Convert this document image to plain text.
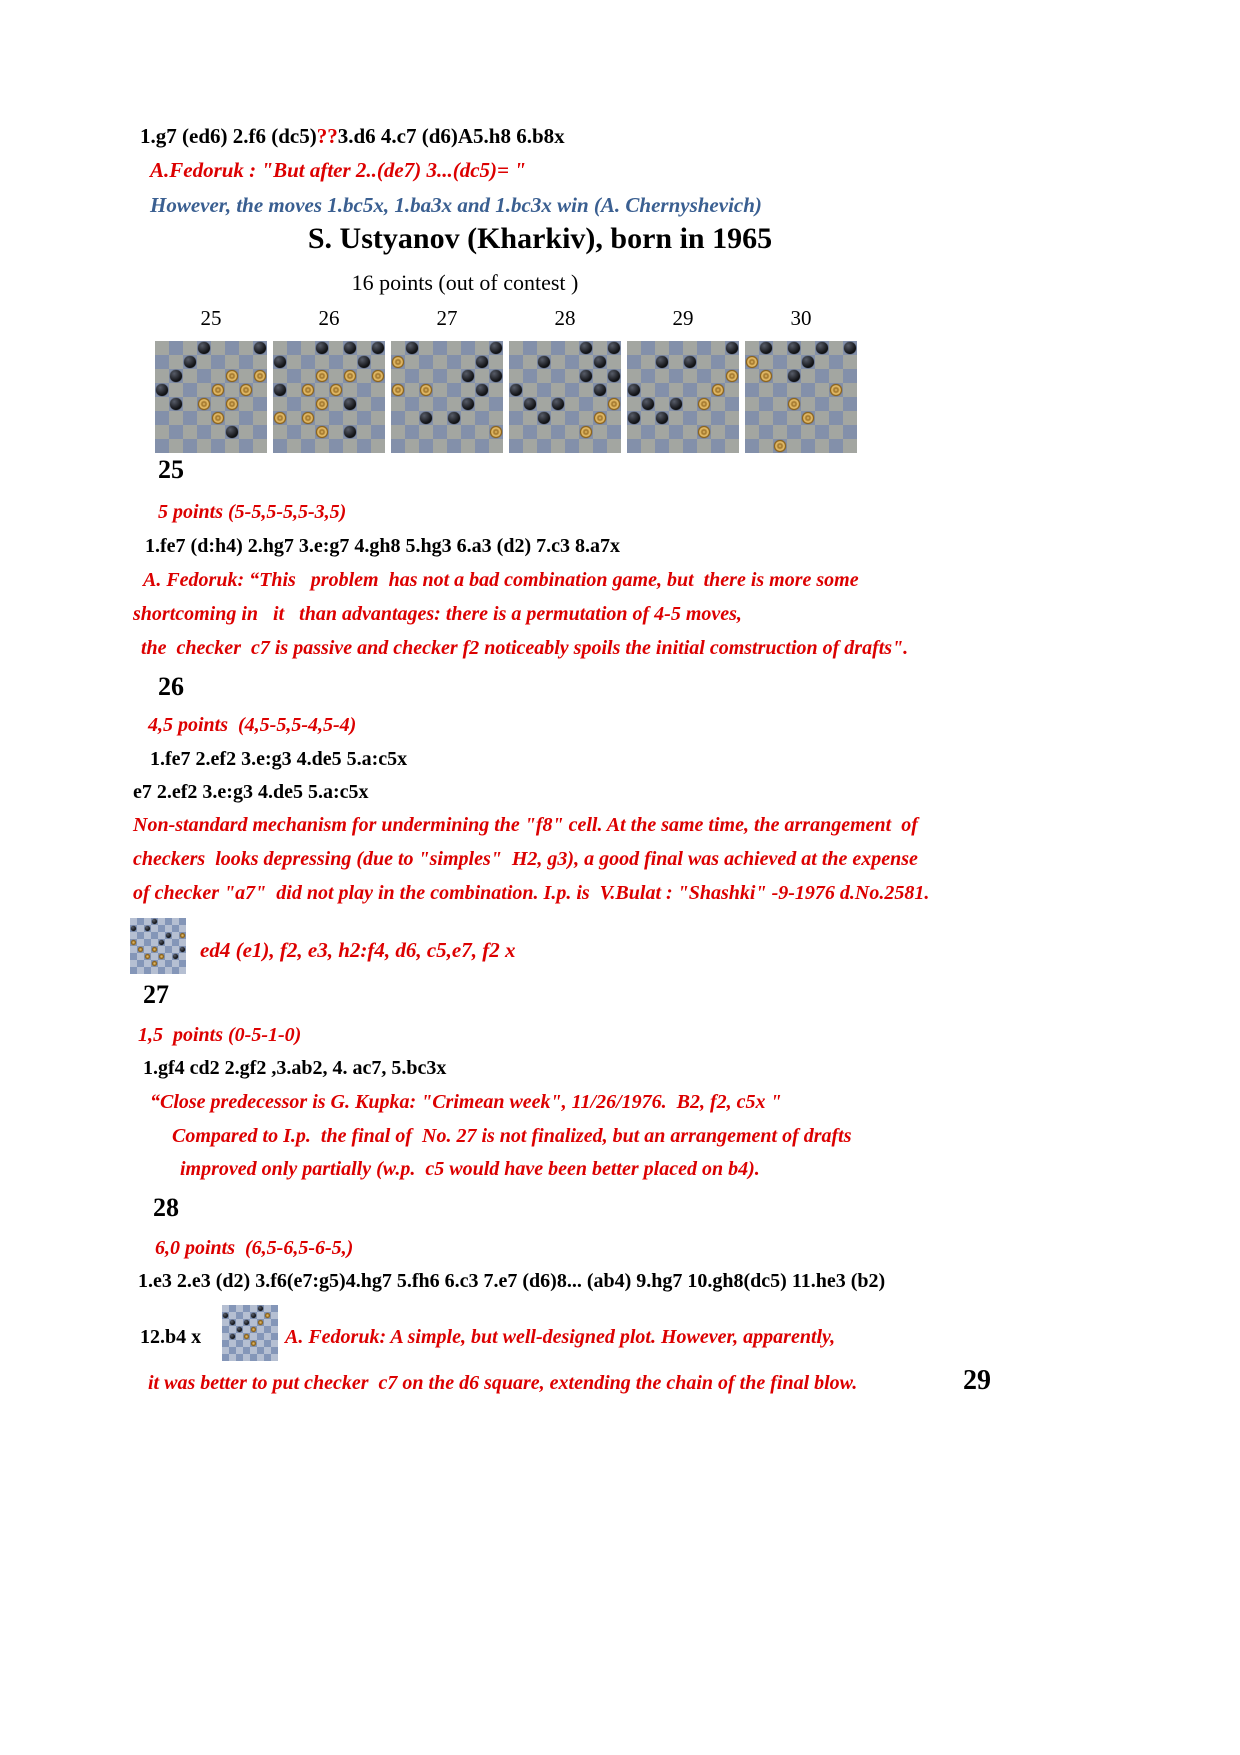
1.g7 (ed6) 2.f6 (dc5)??3.d6 4.c7 (d6)A5.h8 6.b8x
A.Fedoruk : "But after 2..(de7) 3...(dc5)= "
However, the moves 1.bc5x, 1.ba3x and 1.bc3x win (A. Chernyshevich)
S. Ustyanov (Kharkiv), born in 1965
16 points (out of contest )
25	26	27	28	29	30
25
5 points (5-5,5-5,5-3,5)
1.fe7 (d:h4) 2.hg7 3.e:g7 4.gh8 5.hg3 6.a3 (d2) 7.c3 8.a7x
A. Fedoruk: “This   problem  has not a bad combination game, but  there is more some
shortcoming in   it   than advantages: there is a permutation of 4-5 moves,
the  checker  c7 is passive and checker f2 noticeably spoils the initial comstruction of drafts".
26
4,5 points  (4,5-5,5-4,5-4)
1.fe7 2.ef2 3.e:g3 4.de5 5.a:c5x
e7 2.ef2 3.e:g3 4.de5 5.a:c5x
Non-standard mechanism for undermining the "f8" cell. At the same time, the arrangement  of
checkers  looks depressing (due to "simples"  H2, g3), a good final was achieved at the expense
of checker "a7"  did not play in the combination. I.p. is  V.Bulat : "Shashki" -9-1976 d.No.2581.
ed4 (e1), f2, e3, h2:f4, d6, c5,e7, f2 x
27
1,5  points (0-5-1-0)
1.gf4 cd2 2.gf2 ,3.ab2, 4. ac7, 5.bc3x
“Close predecessor is G. Kupka: "Crimean week", 11/26/1976.  B2, f2, c5x "
Compared to I.p.  the final of  No. 27 is not finalized, but an arrangement of drafts
improved only partially (w.p.  c5 would have been better placed on b4).
28
6,0 points  (6,5-6,5-6-5,)
1.e3 2.e3 (d2) 3.f6(e7:g5)4.hg7 5.fh6 6.c3 7.e7 (d6)8... (ab4) 9.hg7 10.gh8(dc5) 11.he3 (b2)
12.b4 x	A. Fedoruk: A simple, but well-designed plot. However, apparently,
it was better to put checker  c7 on the d6 square, extending the chain of the final blow.	29
